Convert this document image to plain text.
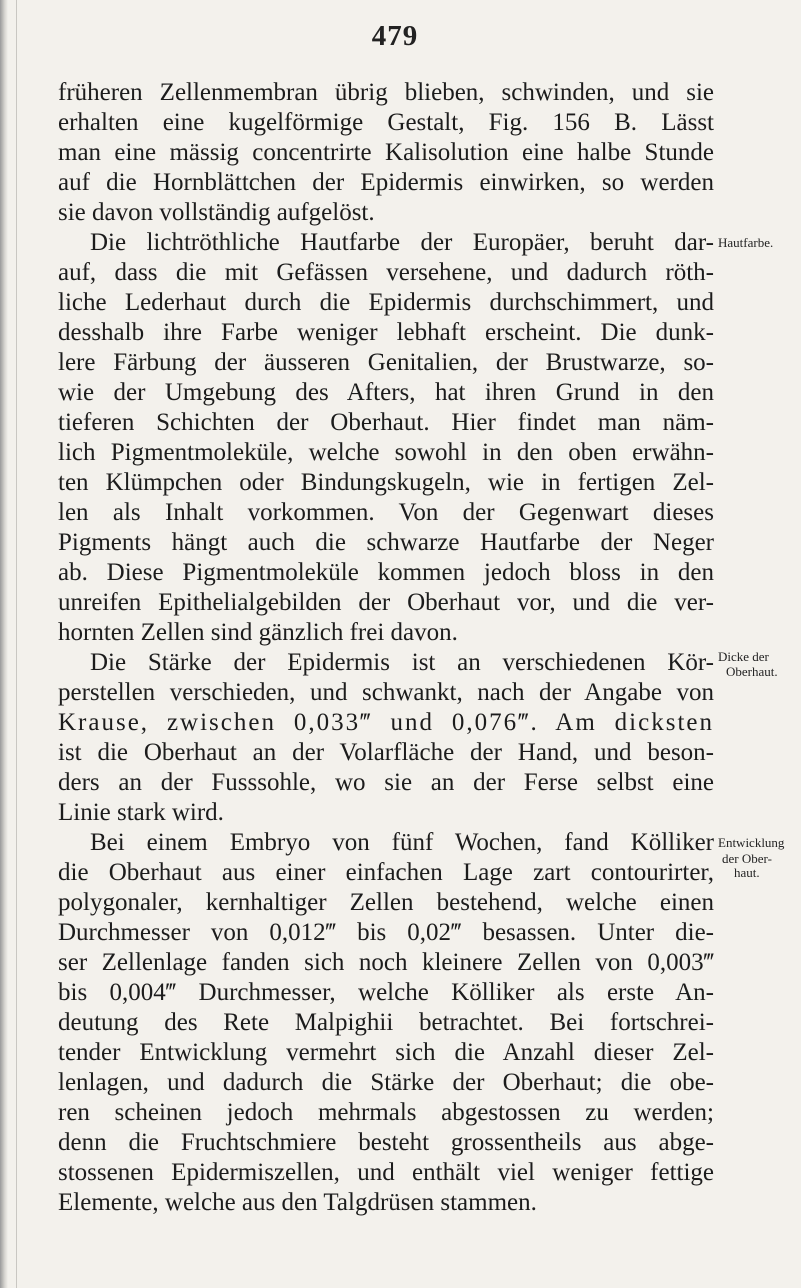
479
früheren Zellenmembran übrig blieben, schwinden, und sie
erhalten eine kugelförmige Gestalt, Fig. 156 B. Lässt
man eine mässig concentrirte Kalisolution eine halbe Stunde
auf die Hornblättchen der Epidermis einwirken, so werden
sie davon vollständig aufgelöst.
Die lichtröthliche Hautfarbe der Europäer, beruht dar-
auf, dass die mit Gefässen versehene, und dadurch röth-
liche Lederhaut durch die Epidermis durchschimmert, und
desshalb ihre Farbe weniger lebhaft erscheint. Die dunk-
lere Färbung der äusseren Genitalien, der Brustwarze, so-
wie der Umgebung des Afters, hat ihren Grund in den
tieferen Schichten der Oberhaut. Hier findet man näm-
lich Pigmentmoleküle, welche sowohl in den oben erwähn-
ten Klümpchen oder Bindungskugeln, wie in fertigen Zel-
len als Inhalt vorkommen. Von der Gegenwart dieses
Pigments hängt auch die schwarze Hautfarbe der Neger
ab. Diese Pigmentmoleküle kommen jedoch bloss in den
unreifen Epithelialgebilden der Oberhaut vor, und die ver-
hornten Zellen sind gänzlich frei davon.
Die Stärke der Epidermis ist an verschiedenen Kör-
perstellen verschieden, und schwankt, nach der Angabe von
Krause, zwischen 0,033‴ und 0,076‴. Am dicksten
ist die Oberhaut an der Volarfläche der Hand, und beson-
ders an der Fusssohle, wo sie an der Ferse selbst eine
Linie stark wird.
Bei einem Embryo von fünf Wochen, fand Kölliker
die Oberhaut aus einer einfachen Lage zart contourirter,
polygonaler, kernhaltiger Zellen bestehend, welche einen
Durchmesser von 0,012‴ bis 0,02‴ besassen. Unter die-
ser Zellenlage fanden sich noch kleinere Zellen von 0,003‴
bis 0,004‴ Durchmesser, welche Kölliker als erste An-
deutung des Rete Malpighii betrachtet. Bei fortschrei-
tender Entwicklung vermehrt sich die Anzahl dieser Zel-
lenlagen, und dadurch die Stärke der Oberhaut; die obe-
ren scheinen jedoch mehrmals abgestossen zu werden;
denn die Fruchtschmiere besteht grossentheils aus abge-
stossenen Epidermiszellen, und enthält viel weniger fettige
Elemente, welche aus den Talgdrüsen stammen.
Hautfarbe.
Dicke der
Oberhaut.
Entwicklung
der Ober-
haut.
